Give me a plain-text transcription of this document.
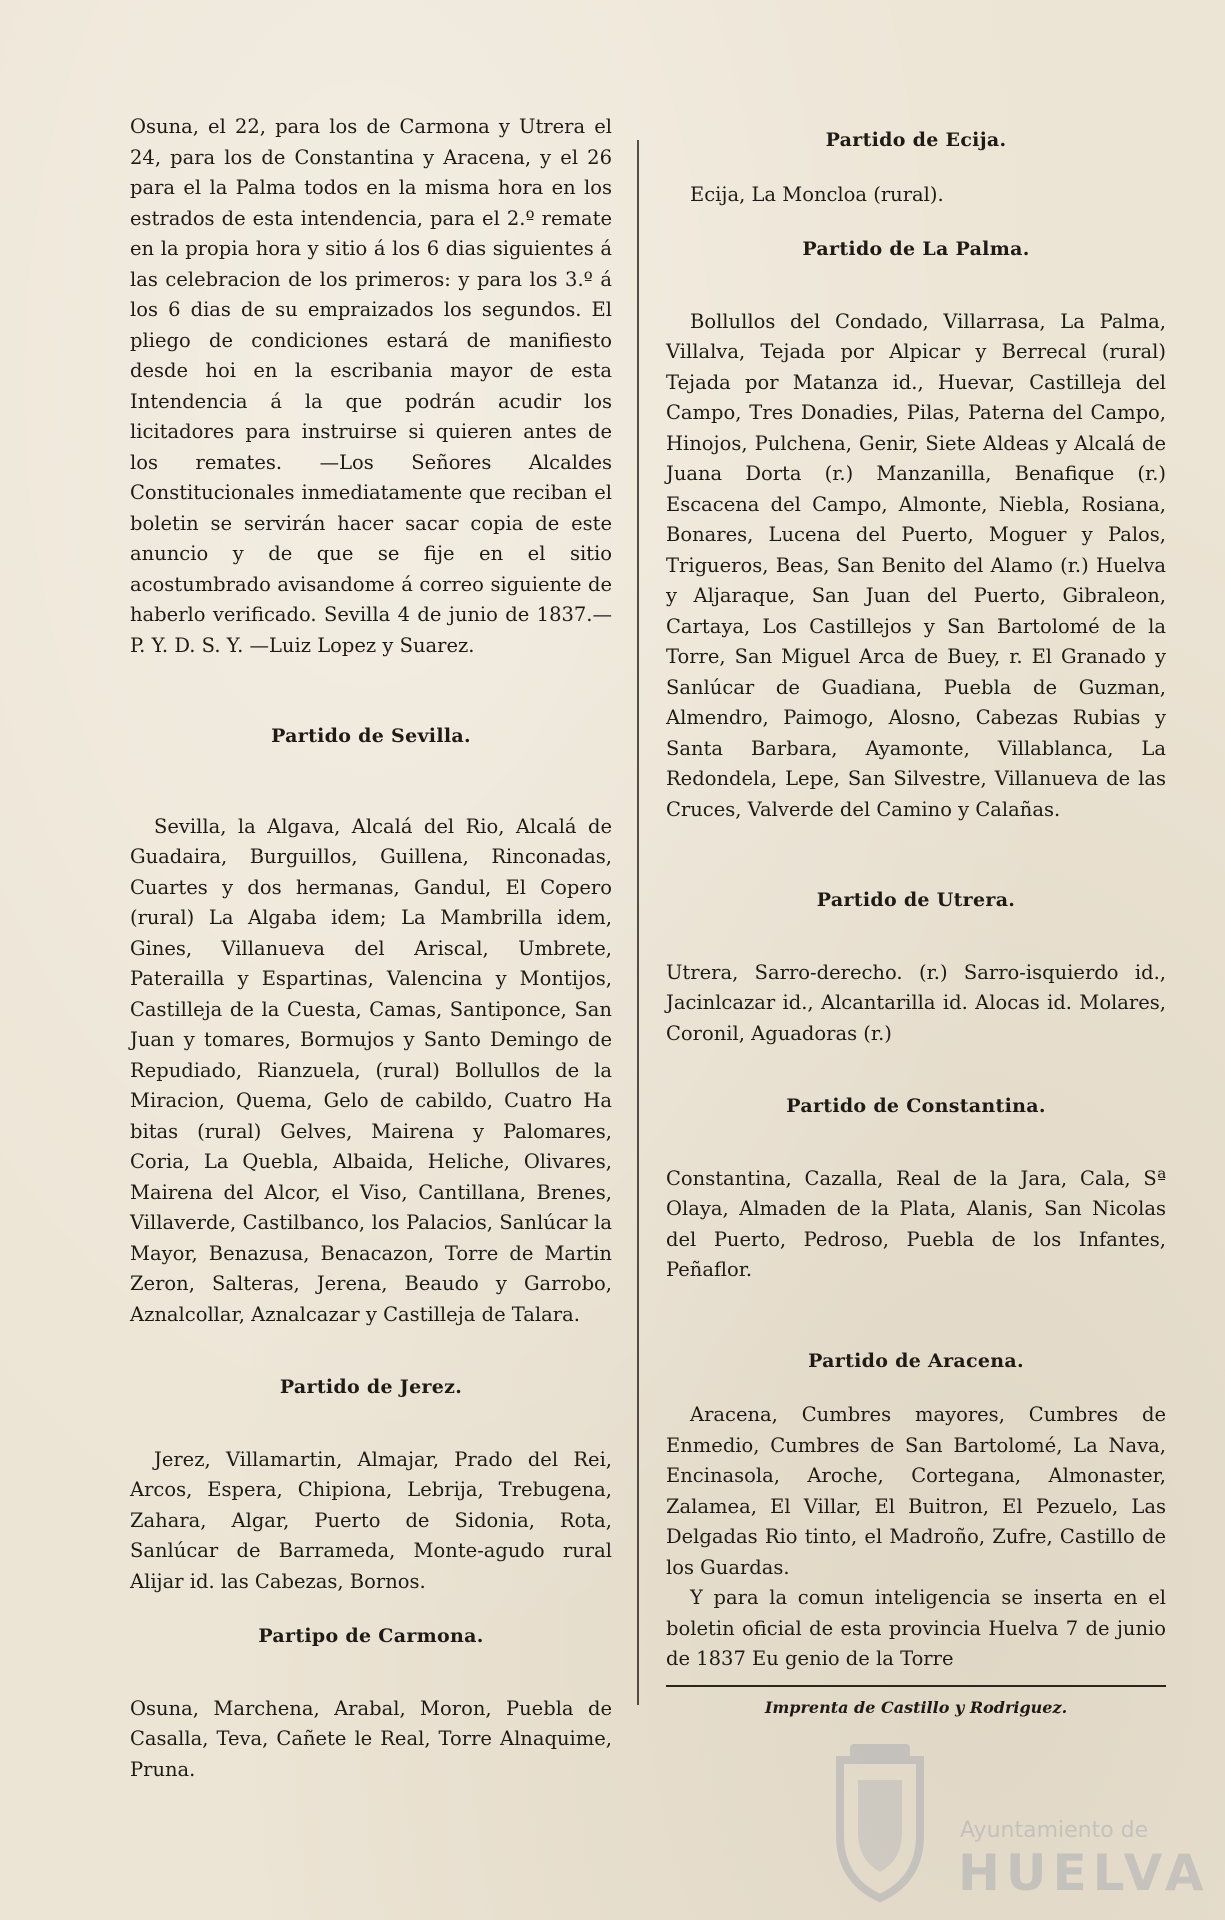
Osuna, el 22, para los de Carmona y Utrera el 24, para los de Constantina y Aracena, y el 26 para el la Palma todos en la misma hora en los estrados de esta intendencia, para el 2.º remate en la propia hora y sitio á los 6 dias siguientes á las celebracion de los primeros: y para los 3.º á los 6 dias de su empraizados los segundos. El pliego de condiciones estará de manifiesto desde hoi en la escribania mayor de esta Intendencia á la que podrán acudir los licitadores para instruirse si quieren antes de los remates. —Los Señores Alcaldes Constitucionales inmediatamente que reciban el boletin se servirán hacer sacar copia de este anuncio y de que se fije en el sitio acostumbrado avisandome á correo siguiente de haberlo verificado. Sevilla 4 de junio de 1837.—P. Y. D. S. Y. —Luiz Lopez y Suarez.

Partido de Sevilla.

Sevilla, la Algava, Alcalá del Rio, Alcalá de Guadaira, Burguillos, Guillena, Rinconadas, Cuartes y dos hermanas, Gandul, El Copero (rural) La Algaba idem; La Mambrilla idem, Gines, Villanueva del Ariscal, Umbrete, Paterailla y Espartinas, Valencina y Montijos, Castilleja de la Cuesta, Camas, Santiponce, San Juan y tomares, Bormujos y Santo Demingo de Repudiado, Rianzuela, (rural) Bollullos de la Miracion, Quema, Gelo de cabildo, Cuatro Ha bitas (rural) Gelves, Mairena y Palomares, Coria, La Quebla, Albaida, Heliche, Olivares, Mairena del Alcor, el Viso, Cantillana, Brenes, Villaverde, Castilbanco, los Palacios, Sanlúcar la Mayor, Benazusa, Benacazon, Torre de Martin Zeron, Salteras, Jerena, Beaudo y Garrobo, Aznalcollar, Aznalcazar y Castilleja de Talara.

Partido de Jerez.

Jerez, Villamartin, Almajar, Prado del Rei, Arcos, Espera, Chipiona, Lebrija, Trebugena, Zahara, Algar, Puerto de Sidonia, Rota, Sanlúcar de Barrameda, Monte-agudo rural Alijar id. las Cabezas, Bornos.

Partipo de Carmona.

Osuna, Marchena, Arabal, Moron, Puebla de Casalla, Teva, Cañete le Real, Torre Alnaquime, Pruna.

Partido de Ecija.

Ecija, La Moncloa (rural).

Partido de La Palma.

Bollullos del Condado, Villarrasa, La Palma, Villalva, Tejada por Alpicar y Berrecal (rural) Tejada por Matanza id., Huevar, Castilleja del Campo, Tres Donadies, Pilas, Paterna del Campo, Hinojos, Pulchena, Genir, Siete Aldeas y Alcalá de Juana Dorta (r.) Manzanilla, Benafique (r.) Escacena del Campo, Almonte, Niebla, Rosiana, Bonares, Lucena del Puerto, Moguer y Palos, Trigueros, Beas, San Benito del Alamo (r.) Huelva y Aljaraque, San Juan del Puerto, Gibraleon, Cartaya, Los Castillejos y San Bartolomé de la Torre, San Miguel Arca de Buey, r. El Granado y Sanlúcar de Guadiana, Puebla de Guzman, Almendro, Paimogo, Alosno, Cabezas Rubias y Santa Barbara, Ayamonte, Villablanca, La Redondela, Lepe, San Silvestre, Villanueva de las Cruces, Valverde del Camino y Calañas.

Partido de Utrera.

Utrera, Sarro-derecho. (r.) Sarro-isquierdo id., Jacinlcazar id., Alcantarilla id. Alocas id. Molares, Coronil, Aguadoras (r.)

Partido de Constantina.

Constantina, Cazalla, Real de la Jara, Cala, Sª Olaya, Almaden de la Plata, Alanis, San Nicolas del Puerto, Pedroso, Puebla de los Infantes, Peñaflor.

Partido de Aracena.

Aracena, Cumbres mayores, Cumbres de Enmedio, Cumbres de San Bartolomé, La Nava, Encinasola, Aroche, Cortegana, Almonaster, Zalamea, El Villar, El Buitron, El Pezuelo, Las Delgadas Rio tinto, el Madroño, Zufre, Castillo de los Guardas.

Y para la comun inteligencia se inserta en el boletin oficial de esta provincia Huelva 7 de junio de 1837 Eu genio de la Torre

Imprenta de Castillo y Rodriguez.
Ayuntamiento de
HUELVA
